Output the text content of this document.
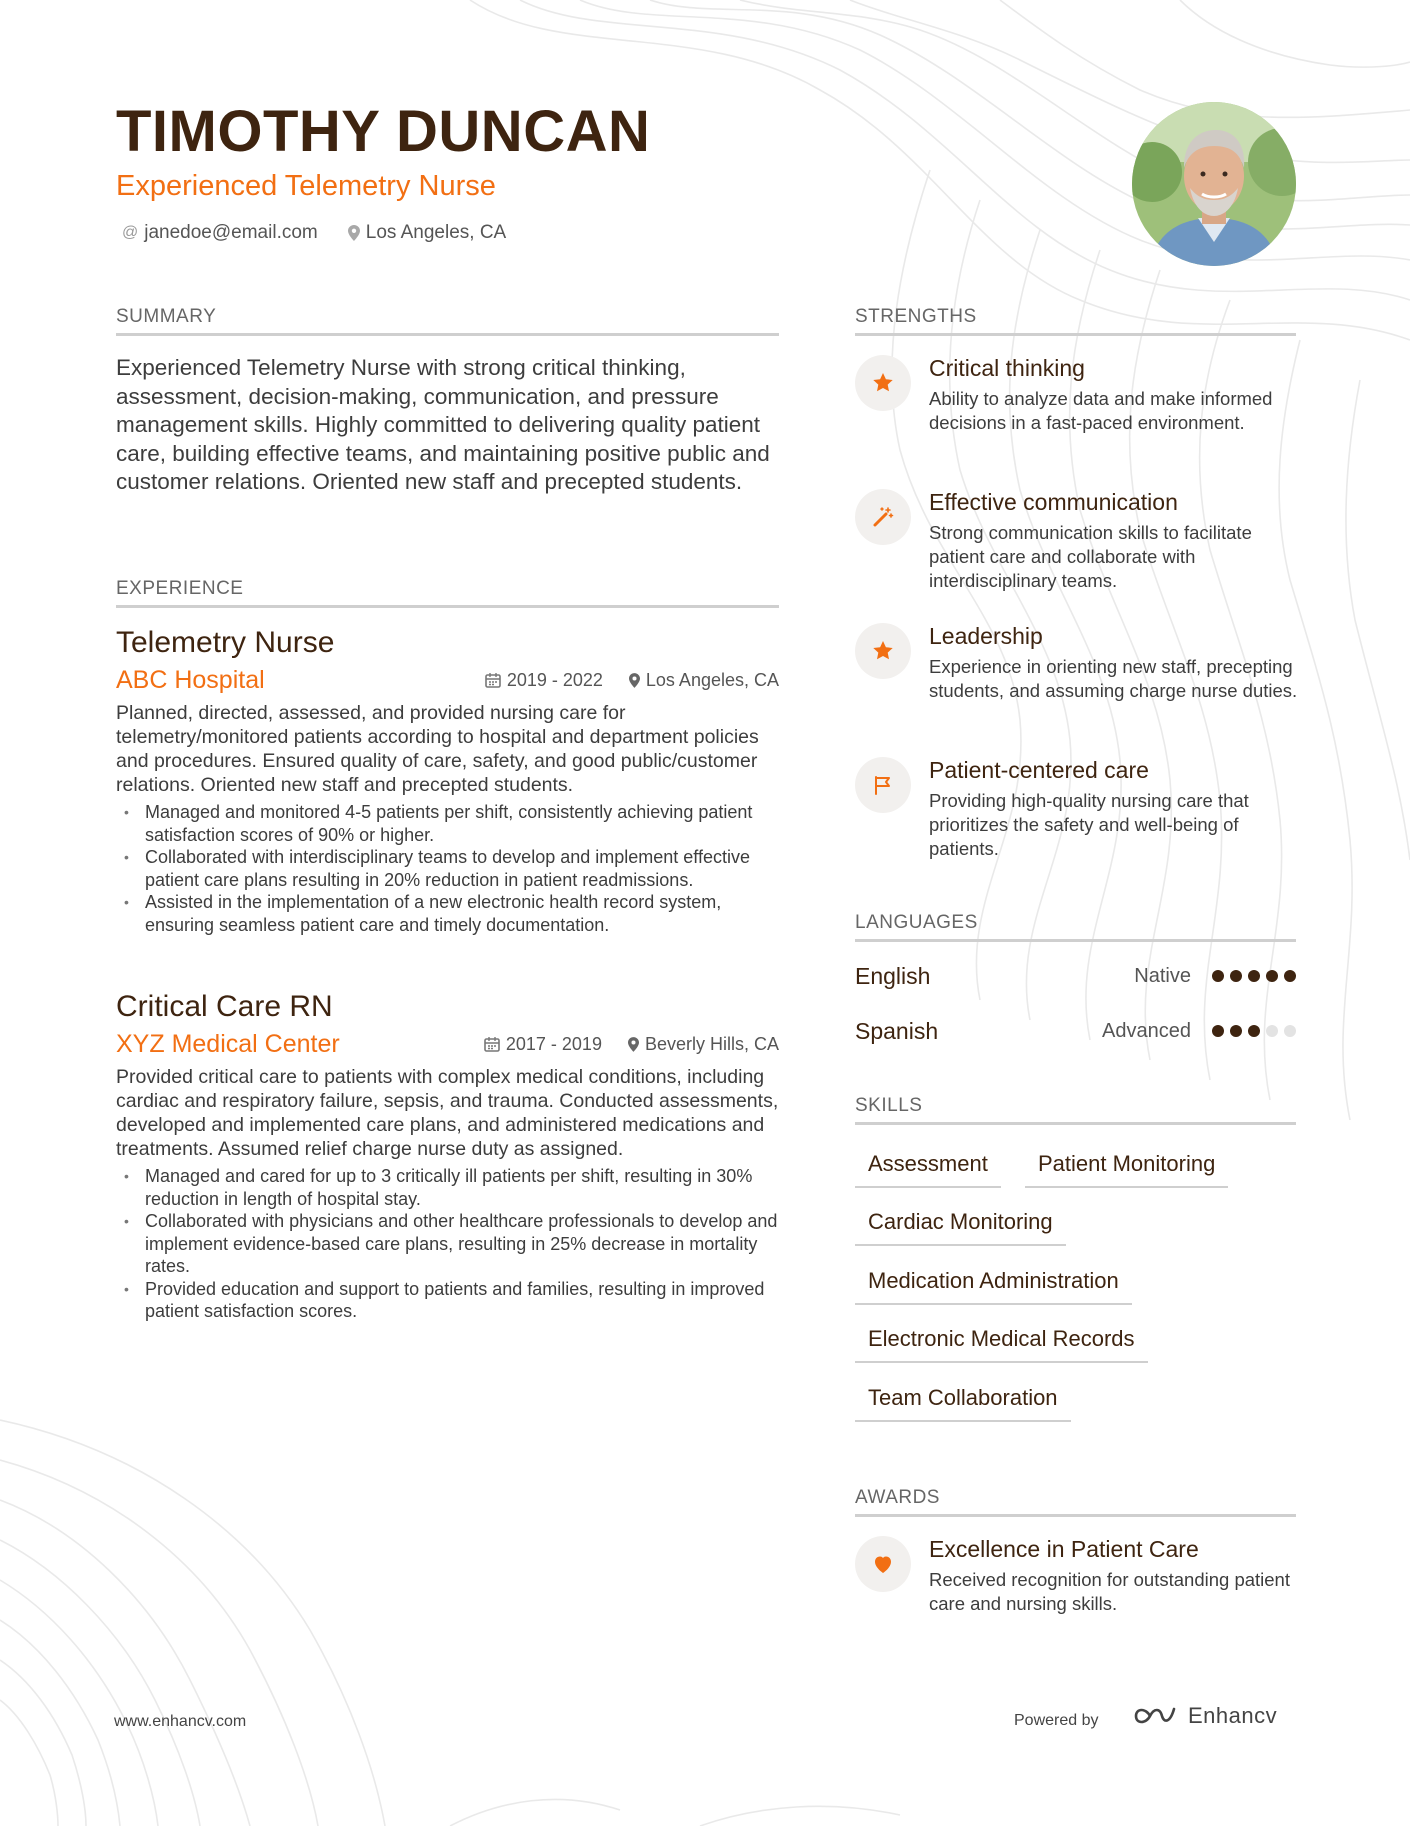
TIMOTHY DUNCAN
Experienced Telemetry Nurse
@ janedoe@email.com	Los Angeles, CA
SUMMARY

Experienced Telemetry Nurse with strong critical thinking, assessment, decision-making, communication, and pressure management skills. Highly committed to delivering quality patient care, building effective teams, and maintaining positive public and customer relations. Oriented new staff and precepted students.

EXPERIENCE
Telemetry Nurse
ABC Hospital	2019 - 2022 Los Angeles, CA
Planned, directed, assessed, and provided nursing care for telemetry/monitored patients according to hospital and department policies and procedures. Ensured quality of care, safety, and good public/customer relations. Oriented new staff and precepted students.
• Managed and monitored 4-5 patients per shift, consistently achieving patient satisfaction scores of 90% or higher.
• Collaborated with interdisciplinary teams to develop and implement effective patient care plans resulting in 20% reduction in patient readmissions.
• Assisted in the implementation of a new electronic health record system, ensuring seamless patient care and timely documentation.
Critical Care RN
XYZ Medical Center	2017 - 2019 Beverly Hills, CA
Provided critical care to patients with complex medical conditions, including cardiac and respiratory failure, sepsis, and trauma. Conducted assessments, developed and implemented care plans, and administered medications and treatments. Assumed relief charge nurse duty as assigned.
• Managed and cared for up to 3 critically ill patients per shift, resulting in 30% reduction in length of hospital stay.
• Collaborated with physicians and other healthcare professionals to develop and implement evidence-based care plans, resulting in 25% decrease in mortality rates.
• Provided education and support to patients and families, resulting in improved patient satisfaction scores.
STRENGTHS
Critical thinking
Ability to analyze data and make informed decisions in a fast-paced environment.
Effective communication
Strong communication skills to facilitate patient care and collaborate with interdisciplinary teams.
Leadership
Experience in orienting new staff, precepting students, and assuming charge nurse duties.
Patient-centered care
Providing high-quality nursing care that prioritizes the safety and well-being of patients.
LANGUAGES
English	Native
Spanish	Advanced
SKILLS
Assessment	Patient Monitoring
Cardiac Monitoring
Medication Administration
Electronic Medical Records
Team Collaboration
AWARDS
Excellence in Patient Care
Received recognition for outstanding patient care and nursing skills.
www.enhancv.com	Powered by	Enhancv
